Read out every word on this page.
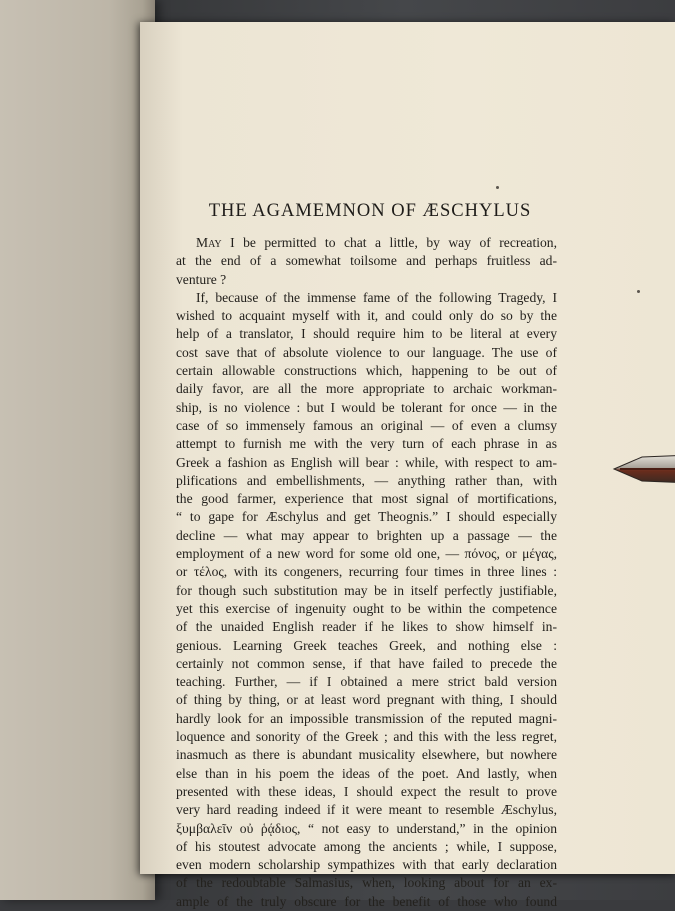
THE AGAMEMNON OF ÆSCHYLUS
May I be permitted to chat a little, by way of recreation,
at the end of a somewhat toilsome and perhaps fruitless ad-
venture ?
If, because of the immense fame of the following Tragedy, I
wished to acquaint myself with it, and could only do so by the
help of a translator, I should require him to be literal at every
cost save that of absolute violence to our language. The use of
certain allowable constructions which, happening to be out of
daily favor, are all the more appropriate to archaic workman-
ship, is no violence : but I would be tolerant for once — in the
case of so immensely famous an original — of even a clumsy
attempt to furnish me with the very turn of each phrase in as
Greek a fashion as English will bear : while, with respect to am-
plifications and embellishments, — anything rather than, with
the good farmer, experience that most signal of mortifications,
“ to gape for Æschylus and get Theognis.” I should especially
decline — what may appear to brighten up a passage — the
employment of a new word for some old one, — πόνος, or μέγας,
or τέλος, with its congeners, recurring four times in three lines :
for though such substitution may be in itself perfectly justifiable,
yet this exercise of ingenuity ought to be within the competence
of the unaided English reader if he likes to show himself in-
genious. Learning Greek teaches Greek, and nothing else :
certainly not common sense, if that have failed to precede the
teaching. Further, — if I obtained a mere strict bald version
of thing by thing, or at least word pregnant with thing, I should
hardly look for an impossible transmission of the reputed magni-
loquence and sonority of the Greek ; and this with the less regret,
inasmuch as there is abundant musicality elsewhere, but nowhere
else than in his poem the ideas of the poet. And lastly, when
presented with these ideas, I should expect the result to prove
very hard reading indeed if it were meant to resemble Æschylus,
ξυμβαλεῖν οὐ ῥᾴδιος, “ not easy to understand,” in the opinion
of his stoutest advocate among the ancients ; while, I suppose,
even modern scholarship sympathizes with that early declaration
of the redoubtable Salmasius, when, looking about for an ex-
ample of the truly obscure for the benefit of those who found
